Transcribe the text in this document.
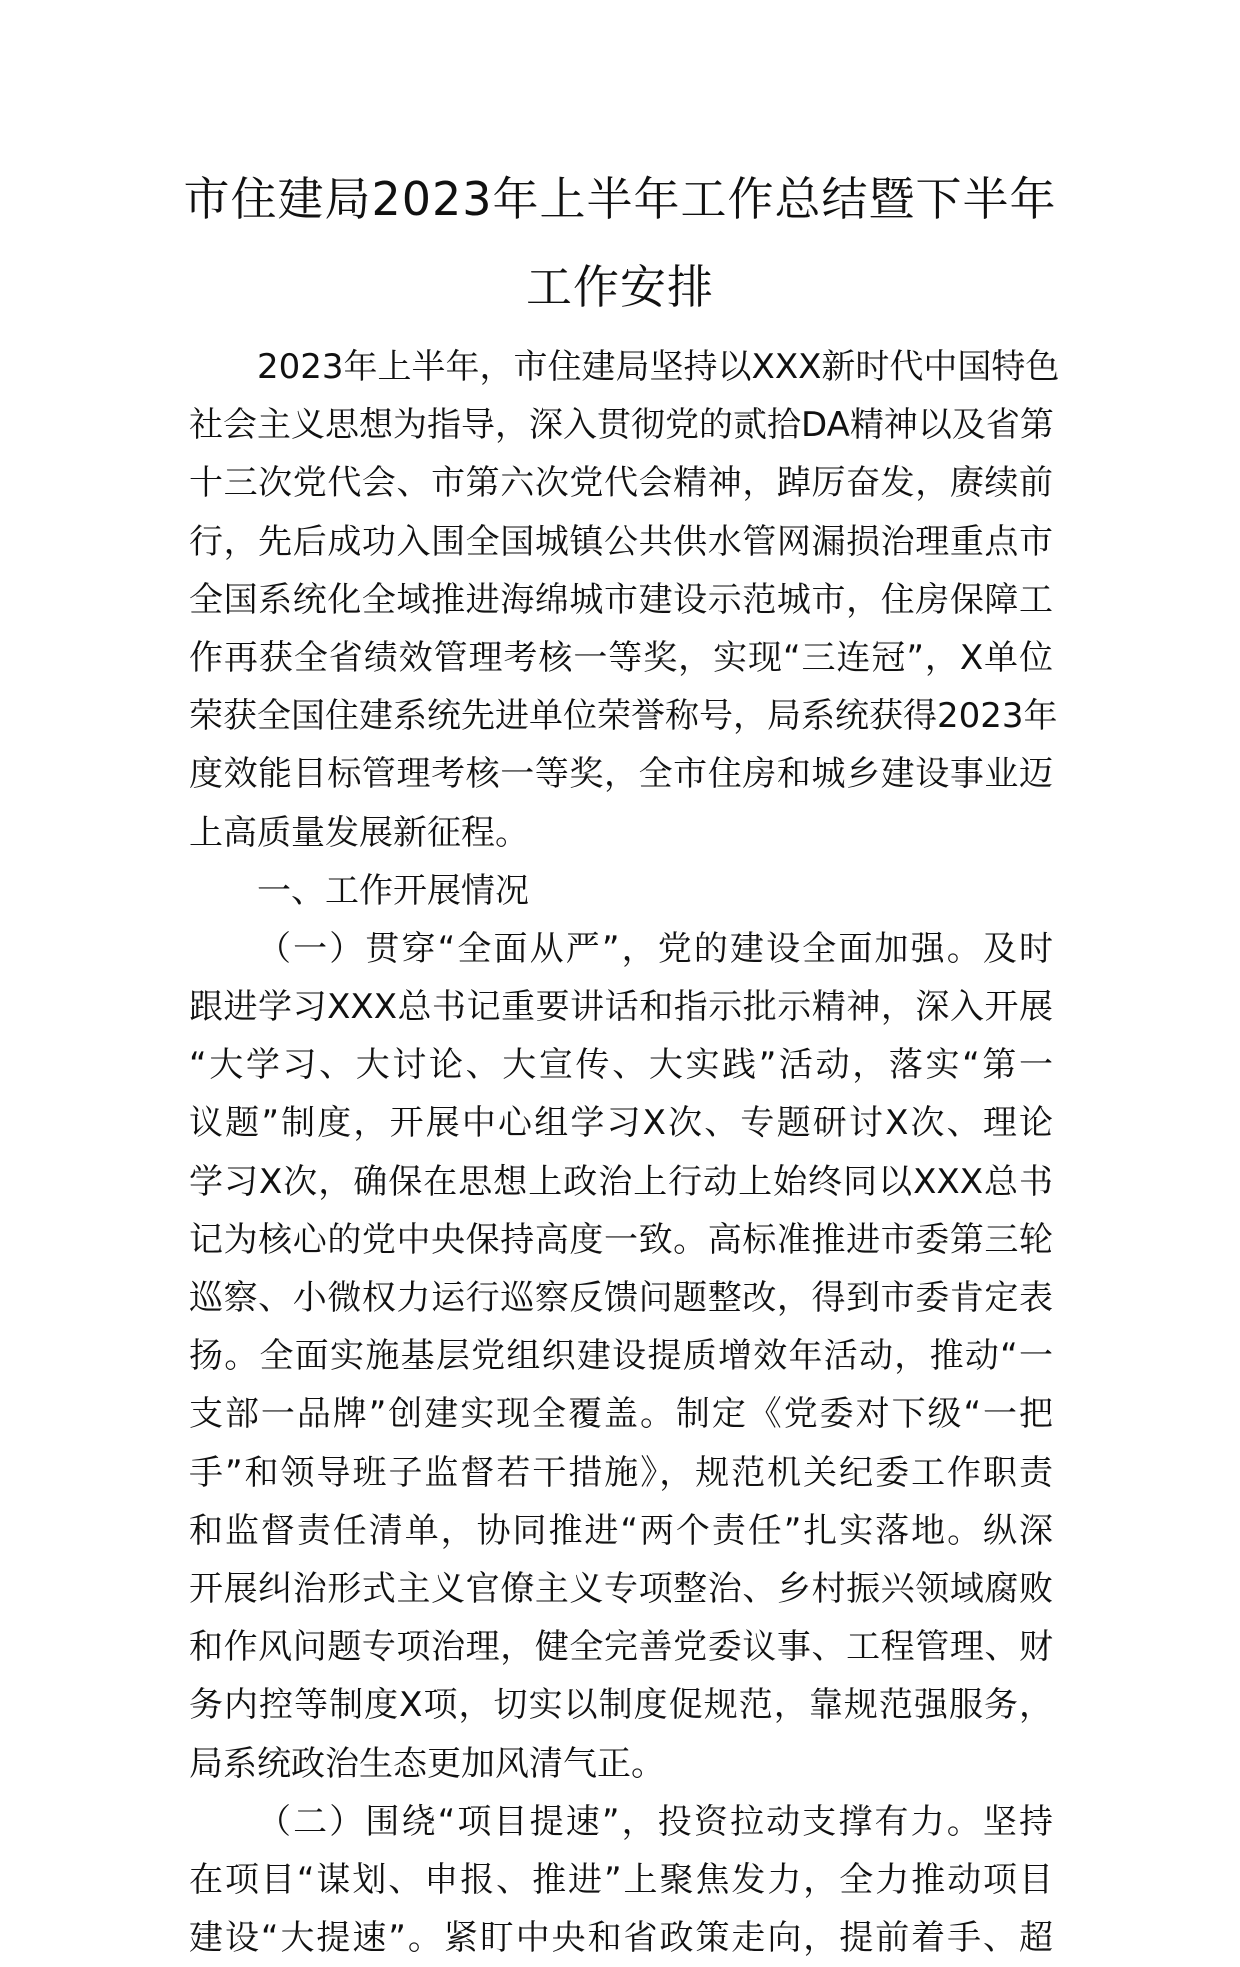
市住建局2023年上半年工作总结暨下半年
工作安排
2023年上半年，市住建局坚持以XXX新时代中国特色
社会主义思想为指导，深入贯彻党的贰拾DA精神以及省第
十三次党代会、市第六次党代会精神，踔厉奋发，赓续前
行，先后成功入围全国城镇公共供水管网漏损治理重点市
全国系统化全域推进海绵城市建设示范城市，住房保障工
作再获全省绩效管理考核一等奖，实现“三连冠”，X单位
荣获全国住建系统先进单位荣誉称号，局系统获得2023年
度效能目标管理考核一等奖，全市住房和城乡建设事业迈
上高质量发展新征程。
一、工作开展情况
（一）贯穿“全面从严”，党的建设全面加强。及时
跟进学习XXX总书记重要讲话和指示批示精神，深入开展
“大学习、大讨论、大宣传、大实践”活动，落实“第一
议题”制度，开展中心组学习X次、专题研讨X次、理论
学习X次，确保在思想上政治上行动上始终同以XXX总书
记为核心的党中央保持高度一致。高标准推进市委第三轮
巡察、小微权力运行巡察反馈问题整改，得到市委肯定表
扬。全面实施基层党组织建设提质增效年活动，推动“一
支部一品牌”创建实现全覆盖。制定《党委对下级“一把
手”和领导班子监督若干措施》，规范机关纪委工作职责
和监督责任清单，协同推进“两个责任”扎实落地。纵深
开展纠治形式主义官僚主义专项整治、乡村振兴领域腐败
和作风问题专项治理，健全完善党委议事、工程管理、财
务内控等制度X项，切实以制度促规范，靠规范强服务，
局系统政治生态更加风清气正。
（二）围绕“项目提速”，投资拉动支撑有力。坚持
在项目“谋划、申报、推进”上聚焦发力，全力推动项目
建设“大提速”。紧盯中央和省政策走向，提前着手、超
